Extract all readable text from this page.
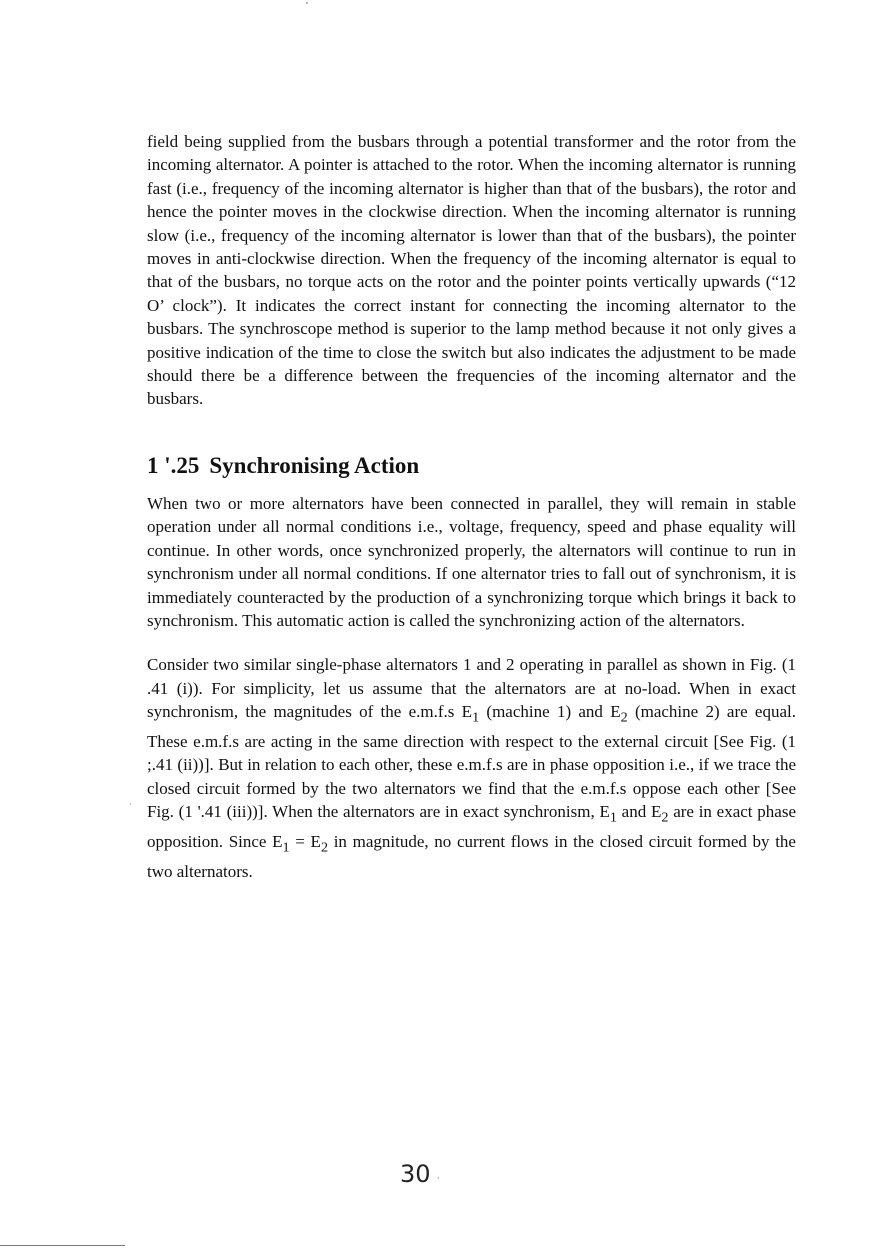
field being supplied from the busbars through a potential transformer and the rotor from the incoming alternator. A pointer is attached to the rotor. When the incoming alternator is running fast (i.e., frequency of the incoming alternator is higher than that of the busbars), the rotor and hence the pointer moves in the clockwise direction. When the incoming alternator is running slow (i.e., frequency of the incoming alternator is lower than that of the busbars), the pointer moves in anti-clockwise direction. When the frequency of the incoming alternator is equal to that of the busbars, no torque acts on the rotor and the pointer points vertically upwards (“12 O’ clock”). It indicates the correct instant for connecting the incoming alternator to the busbars. The synchroscope method is superior to the lamp method because it not only gives a positive indication of the time to close the switch but also indicates the adjustment to be made should there be a difference between the frequencies of the incoming alternator and the busbars.

1 '.25 Synchronising Action

When two or more alternators have been connected in parallel, they will remain in stable operation under all normal conditions i.e., voltage, frequency, speed and phase equality will continue. In other words, once synchronized properly, the alternators will continue to run in synchronism under all normal conditions. If one alternator tries to fall out of synchronism, it is immediately counteracted by the production of a synchronizing torque which brings it back to synchronism. This automatic action is called the synchronizing action of the alternators.

Consider two similar single-phase alternators 1 and 2 operating in parallel as shown in Fig. (1 .41 (i)). For simplicity, let us assume that the alternators are at no-load. When in exact synchronism, the magnitudes of the e.m.f.s $E_1$ (machine 1) and $E_2$ (machine 2) are equal. These e.m.f.s are acting in the same direction with respect to the external circuit [See Fig. (1 ;.41 (ii))]. But in relation to each other, these e.m.f.s are in phase opposition i.e., if we trace the closed circuit formed by the two alternators we find that the e.m.f.s oppose each other [See Fig. (1 '.41 (iii))]. When the alternators are in exact synchronism, $E_1$ and $E_2$ are in exact phase opposition. Since $E_1 = E_2$ in magnitude, no current flows in the closed circuit formed by the two alternators.

30 ·
